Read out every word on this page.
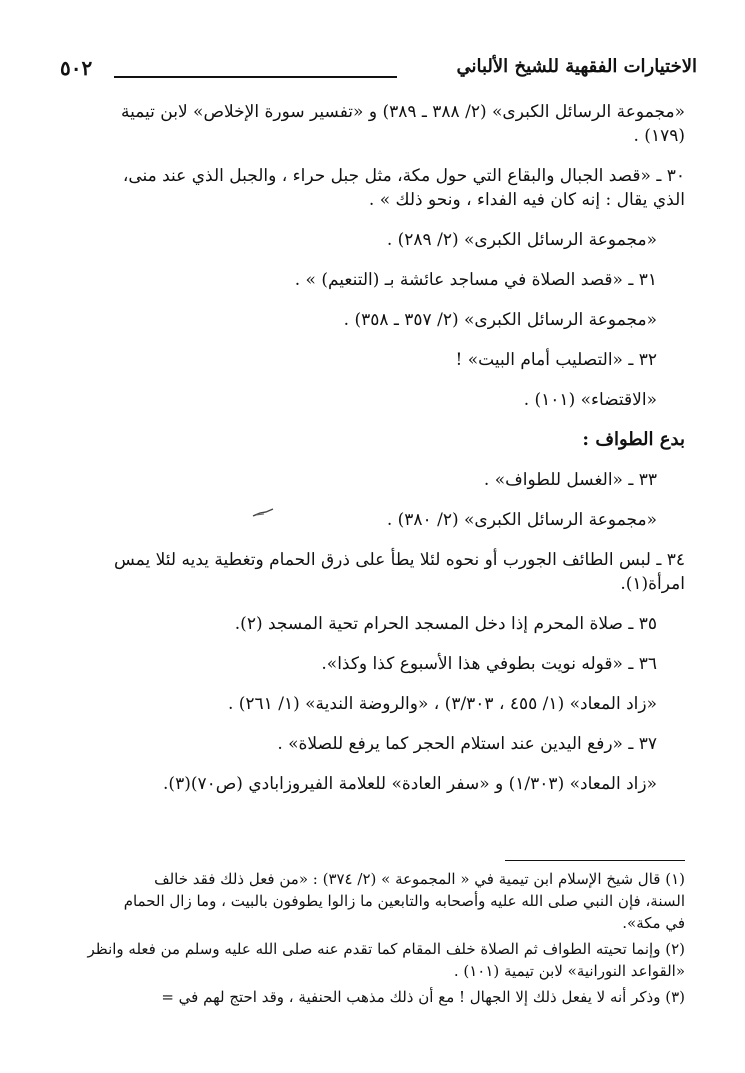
٥٠٢	الاختيارات الفقهية للشيخ الألباني
«مجموعة الرسائل الكبرى» (٢/ ٣٨٨ ـ ٣٨٩) و «تفسير سورة الإخلاص» لابن تيمية
(١٧٩) .
٣٠ ـ «قصد الجبال والبقاع التي حول مكة، مثل جبل حراء ، والجبل الذي عند منى،
الذي يقال : إنه كان فيه الفداء ، ونحو ذلك » .
«مجموعة الرسائل الكبرى» (٢/ ٢٨٩) .
٣١ ـ «قصد الصلاة في مساجد عائشة بـ (التنعيم) » .
«مجموعة الرسائل الكبرى» (٢/ ٣٥٧ ـ ٣٥٨) .
٣٢ ـ «التصليب أمام البيت» !
«الاقتضاء» (١٠١) .
بدع الطواف :
٣٣ ـ «الغسل للطواف» .
«مجموعة الرسائل الكبرى» (٢/ ٣٨٠) .
٣٤ ـ لبس الطائف الجورب أو نحوه لئلا يطأ على ذرق الحمام وتغطية يديه لئلا يمس
امرأة(١).
٣٥ ـ صلاة المحرم إذا دخل المسجد الحرام تحية المسجد (٢).
٣٦ ـ «قوله نويت بطوفي هذا الأسبوع كذا وكذا».
«زاد المعاد» (١/ ٤٥٥ ، ٣/٣٠٣) ، «والروضة الندية» (١/ ٢٦١) .
٣٧ ـ «رفع اليدين عند استلام الحجر كما يرفع للصلاة» .
«زاد المعاد» (١/٣٠٣) و «سفر العادة» للعلامة الفيروزابادي (ص٧٠)(٣).
(١) قال شيخ الإسلام ابن تيمية في « المجموعة » (٢/ ٣٧٤) : «من فعل ذلك فقد خالف
السنة، فإن النبي صلى الله عليه وأصحابه والتابعين ما زالوا يطوفون بالبيت ، وما زال الحمام
في مكة».
(٢) وإنما تحيته الطواف ثم الصلاة خلف المقام كما تقدم عنه صلى الله عليه وسلم من فعله وانظر
«القواعد النورانية» لابن تيمية (١٠١) .
(٣) وذكر أنه لا يفعل ذلك إلا الجهال ! مع أن ذلك مذهب الحنفية ، وقد احتج لهم في =
